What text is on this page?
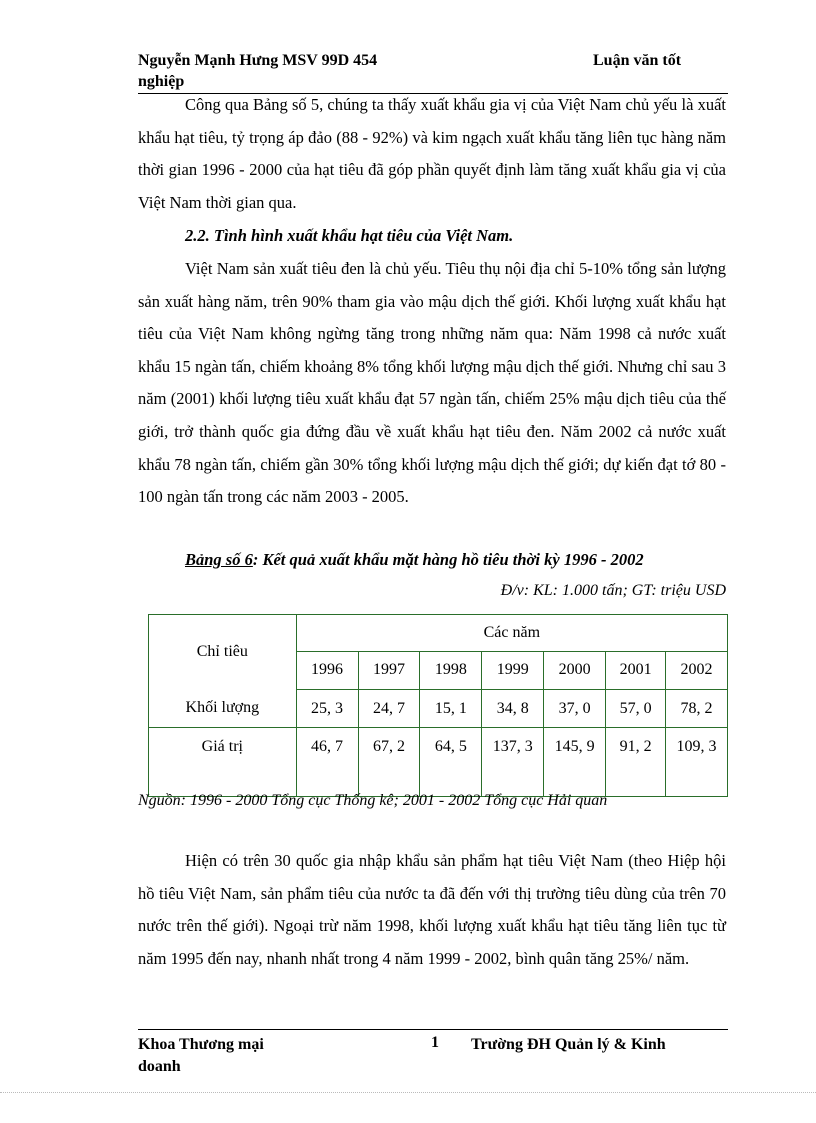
Nguyễn Mạnh Hưng MSV 99D 454	Luận văn tốt
nghiệp

Công qua Bảng số 5, chúng ta thấy xuất khẩu gia vị của Việt Nam chủ yếu là xuất khẩu hạt tiêu, tỷ trọng áp đảo (88 - 92%) và kim ngạch xuất khẩu tăng liên tục hàng năm thời gian 1996 - 2000 của hạt tiêu đã góp phần quyết định làm tăng xuất khẩu gia vị của Việt Nam thời gian qua.

2.2. Tình hình xuất khẩu hạt tiêu của Việt Nam.

Việt Nam sản xuất tiêu đen là chủ yếu. Tiêu thụ nội địa chỉ 5-10% tổng sản lượng sản xuất hàng năm, trên 90% tham gia vào mậu dịch thế giới. Khối lượng xuất khẩu hạt tiêu của Việt Nam không ngừng tăng trong những năm qua: Năm 1998 cả nước xuất khẩu 15 ngàn tấn, chiếm khoảng 8% tổng khối lượng mậu dịch thế giới. Nhưng chỉ sau 3 năm (2001) khối lượng tiêu xuất khẩu đạt 57 ngàn tấn, chiếm 25% mậu dịch tiêu của thế giới, trở thành quốc gia đứng đầu về xuất khẩu hạt tiêu đen. Năm 2002 cả nước xuất khẩu 78 ngàn tấn, chiếm gần 30% tổng khối lượng mậu dịch thế giới; dự kiến đạt tớ 80 - 100 ngàn tấn trong các năm 2003 - 2005.

Bảng số 6: Kết quả xuất khẩu mặt hàng hồ tiêu thời kỳ 1996 - 2002
Đ/v: KL: 1.000 tấn; GT: triệu USD
Chỉ tiêu	Các năm						
	1996	1997	1998	1999	2000	2001	2002

Khối lượng	25, 3	24, 7	15, 1	34, 8	37, 0	57, 0	78, 2

Giá trị	46, 7	67, 2	64, 5	137, 3	145, 9	91, 2	109, 3
Nguồn: 1996 - 2000 Tổng cục Thống kê; 2001 - 2002 Tổng cục Hải quan

Hiện có trên 30 quốc gia nhập khẩu sản phẩm hạt tiêu Việt Nam (theo Hiệp hội hồ tiêu Việt Nam, sản phẩm tiêu của nước ta đã đến với thị trường tiêu dùng của trên 70 nước trên thế giới). Ngoại trừ năm 1998, khối lượng xuất khẩu hạt tiêu tăng liên tục từ năm 1995 đến nay, nhanh nhất trong 4 năm 1999 - 2002, bình quân tăng 25%/ năm.

Khoa Thương mại
doanh
1 Trường ĐH Quản lý & Kinh
